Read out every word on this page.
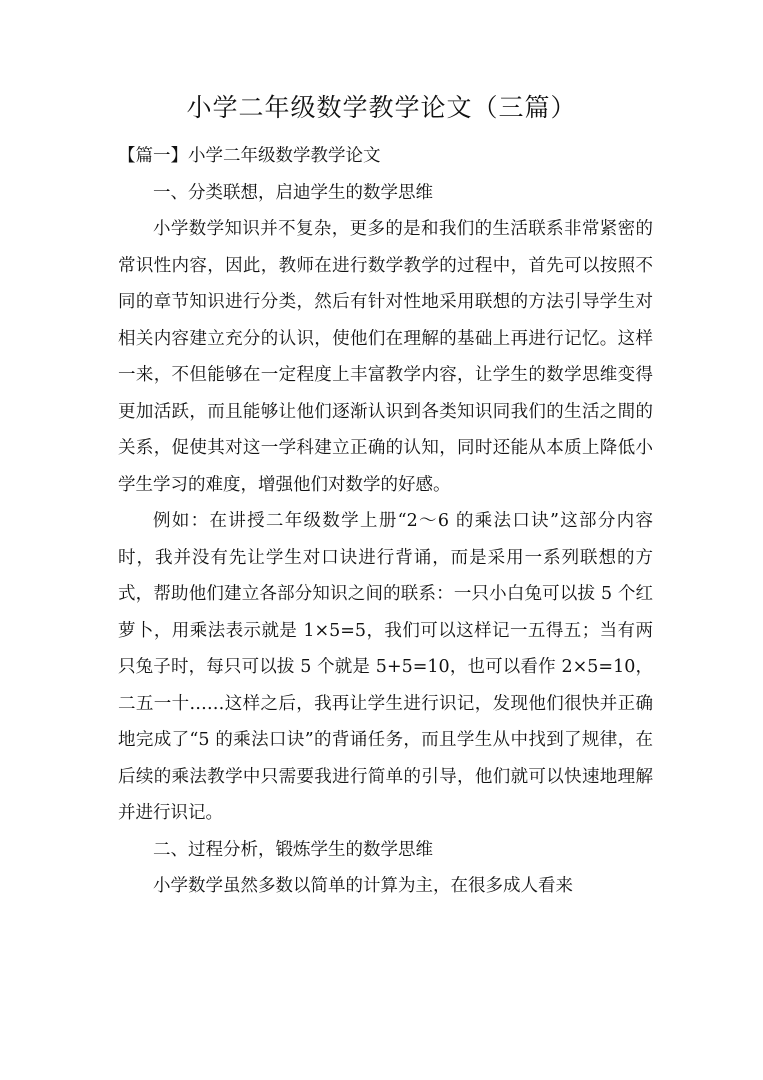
小学二年级数学教学论文（三篇）

【篇一】小学二年级数学教学论文

一、分类联想，启迪学生的数学思维

小学数学知识并不复杂，更多的是和我们的生活联系非常紧密的常识性内容，因此，教师在进行数学教学的过程中，首先可以按照不同的章节知识进行分类，然后有针对性地采用联想的方法引导学生对相关内容建立充分的认识，使他们在理解的基础上再进行记忆。这样一来，不但能够在一定程度上丰富教学内容，让学生的数学思维变得更加活跃，而且能够让他们逐渐认识到各类知识同我们的生活之間的关系，促使其对这一学科建立正确的认知，同时还能从本质上降低小学生学习的难度，增强他们对数学的好感。

例如：在讲授二年级数学上册“2～6 的乘法口诀”这部分内容时，我并没有先让学生对口诀进行背诵，而是采用一系列联想的方式，帮助他们建立各部分知识之间的联系：一只小白兔可以拔 5 个红萝卜，用乘法表示就是 1×5=5，我们可以这样记一五得五；当有两只兔子时，每只可以拔 5 个就是 5+5=10，也可以看作 2×5=10，二五一十……这样之后，我再让学生进行识记，发现他们很快并正确地完成了“5 的乘法口诀”的背诵任务，而且学生从中找到了规律，在后续的乘法教学中只需要我进行简单的引导，他们就可以快速地理解并进行识记。

二、过程分析，锻炼学生的数学思维

小学数学虽然多数以简单的计算为主，在很多成人看来
